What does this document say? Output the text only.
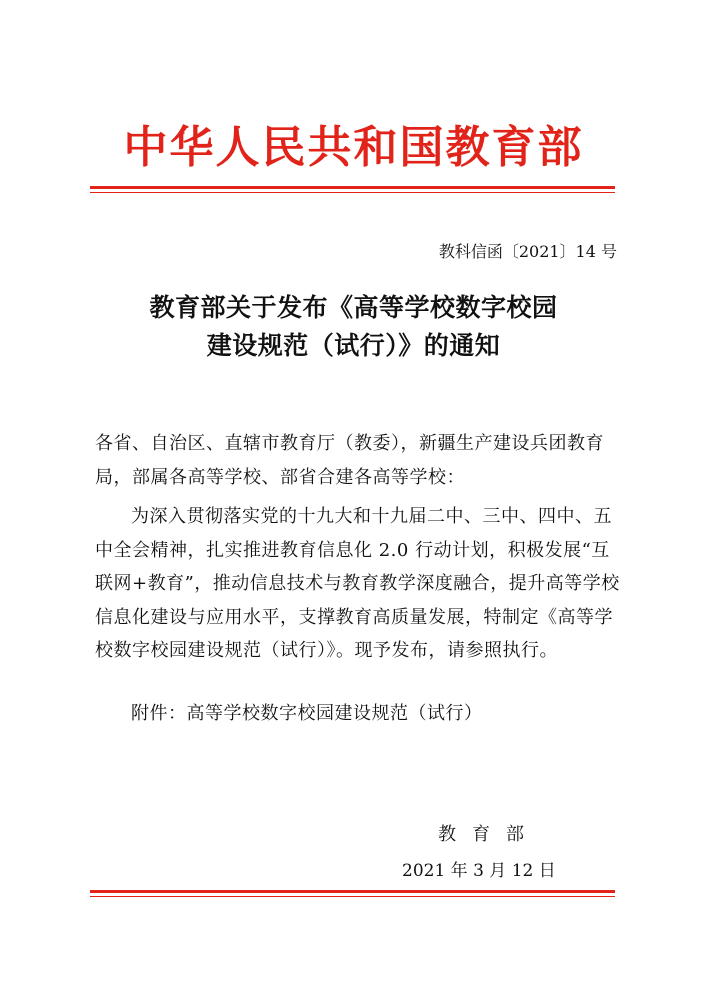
中华人民共和国教育部
教科信函〔2021〕14 号
教育部关于发布《高等学校数字校园
建设规范（试行）》的通知
各省、自治区、直辖市教育厅（教委），新疆生产建设兵团教育
局，部属各高等学校、部省合建各高等学校：
为深入贯彻落实党的十九大和十九届二中、三中、四中、五
中全会精神，扎实推进教育信息化 2.0 行动计划，积极发展“互
联网+教育”，推动信息技术与教育教学深度融合，提升高等学校
信息化建设与应用水平，支撑教育高质量发展，特制定《高等学
校数字校园建设规范（试行）》。现予发布，请参照执行。
附件：高等学校数字校园建设规范（试行）
教育部
2021 年 3 月 12 日
